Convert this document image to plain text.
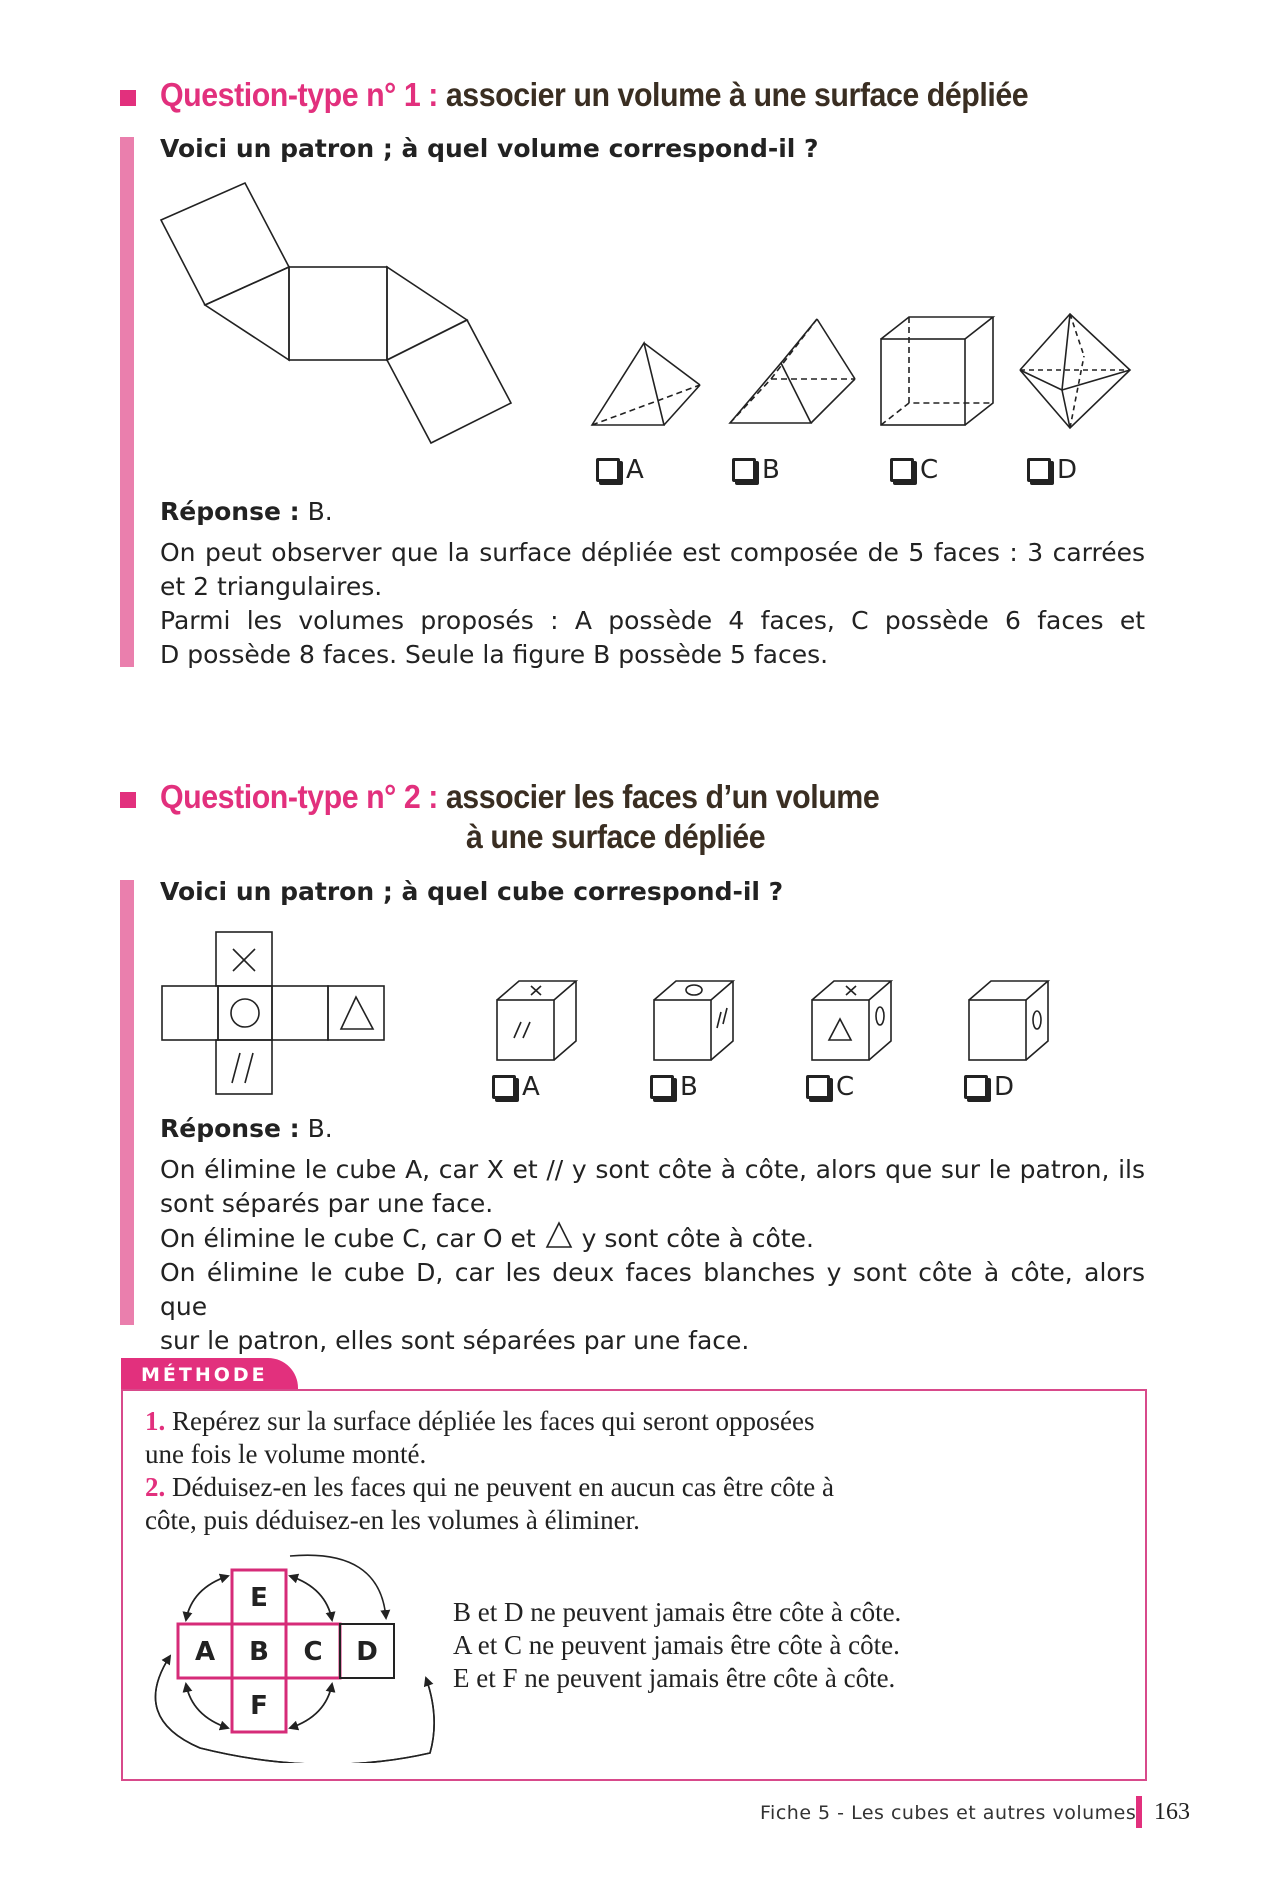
Question-type n° 1 : associer un volume à une surface dépliée
Voici un patron ; à quel volume correspond-il ?
A	B	C	D
Réponse : B.
On peut observer que la surface dépliée est composée de 5 faces : 3 carrées
et 2 triangulaires.
Parmi les volumes proposés : A possède 4 faces, C possède 6 faces et
D possède 8 faces. Seule la figure B possède 5 faces.
Question-type n° 2 : associer les faces d’un volume
à une surface dépliée
Voici un patron ; à quel cube correspond-il ?
A	B	C	D
Réponse : B.
On élimine le cube A, car X et // y sont côte à côte, alors que sur le patron, ils
sont séparés par une face.
On élimine le cube C, car O et y sont côte à côte.
On élimine le cube D, car les deux faces blanches y sont côte à côte, alors que
sur le patron, elles sont séparées par une face.
MÉTHODE
1. Repérez sur la surface dépliée les faces qui seront opposées
une fois le volume monté.
2. Déduisez-en les faces qui ne peuvent en aucun cas être côte à
côte, puis déduisez-en les volumes à éliminer.
E
A B C D
F
B et D ne peuvent jamais être côte à côte.
A et C ne peuvent jamais être côte à côte.
E et F ne peuvent jamais être côte à côte.
Fiche 5 - Les cubes et autres volumes 163
